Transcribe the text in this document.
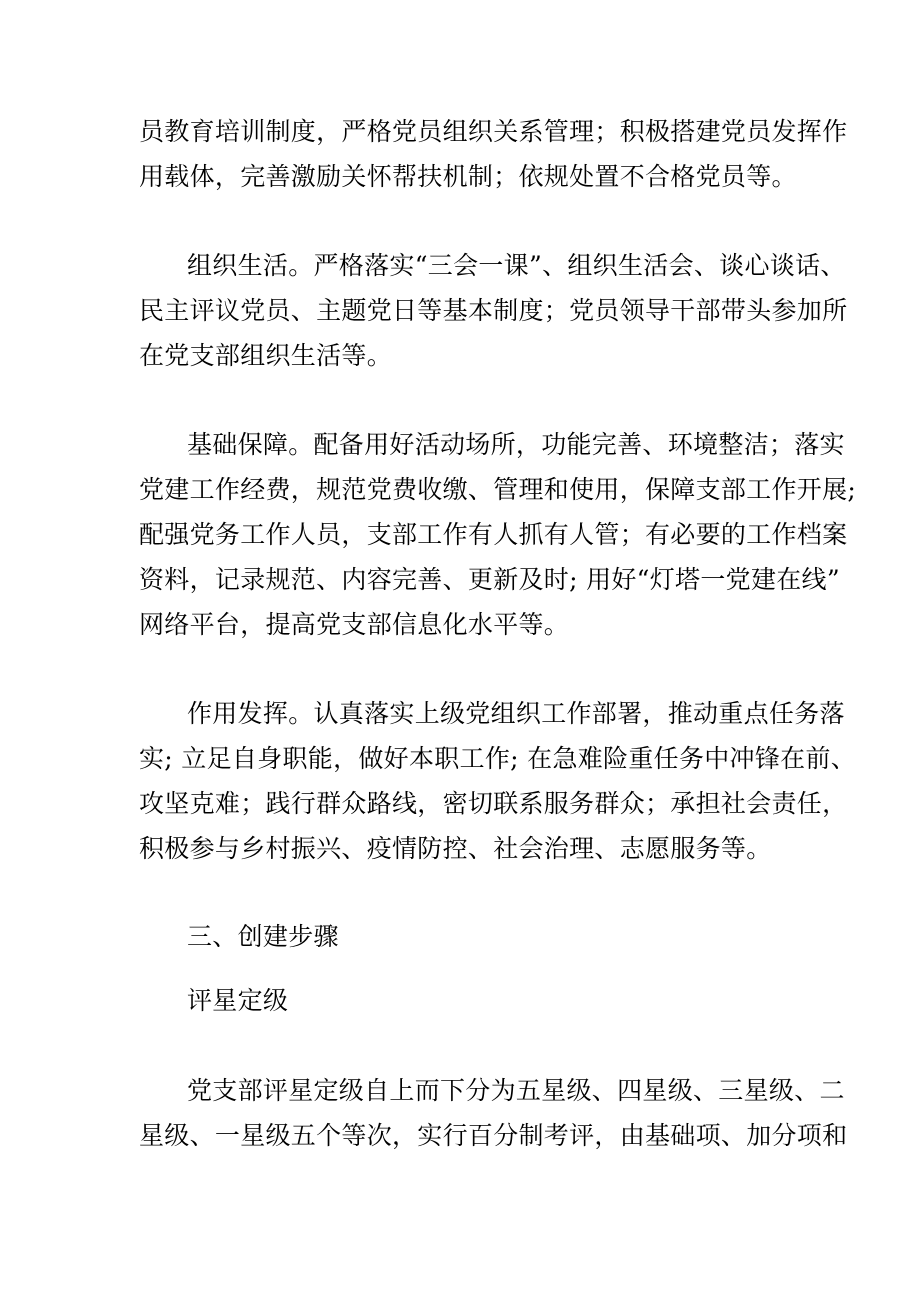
员教育培训制度，严格党员组织关系管理；积极搭建党员发挥作
用载体，完善激励关怀帮扶机制；依规处置不合格党员等。
组织生活。严格落实“三会一课”、组织生活会、谈心谈话、
民主评议党员、主题党日等基本制度；党员领导干部带头参加所
在党支部组织生活等。
基础保障。配备用好活动场所，功能完善、环境整洁；落实
党建工作经费，规范党费收缴、管理和使用，保障支部工作开展;
配强党务工作人员，支部工作有人抓有人管；有必要的工作档案
资料，记录规范、内容完善、更新及时; 用好“灯塔一党建在线”
网络平台，提高党支部信息化水平等。
作用发挥。认真落实上级党组织工作部署，推动重点任务落
实; 立足自身职能，做好本职工作; 在急难险重任务中冲锋在前、
攻坚克难；践行群众路线，密切联系服务群众；承担社会责任，
积极参与乡村振兴、疫情防控、社会治理、志愿服务等。
三、创建步骤
评星定级
党支部评星定级自上而下分为五星级、四星级、三星级、二
星级、一星级五个等次，实行百分制考评，由基础项、加分项和
